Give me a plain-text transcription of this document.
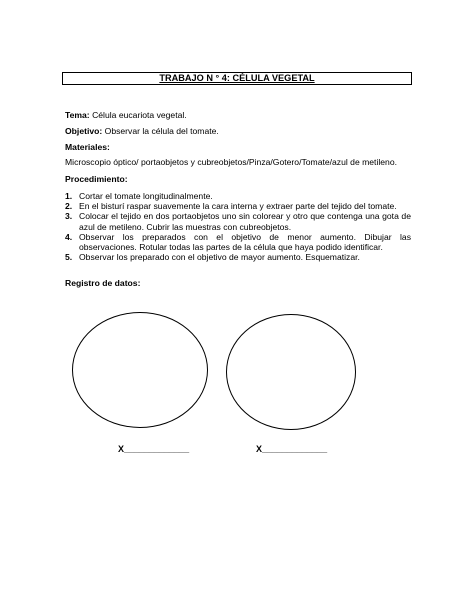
TRABAJO N ° 4: CÉLULA VEGETAL
Tema: Célula eucariota vegetal.
Objetivo: Observar la célula del tomate.
Materiales:
Microscopio óptico/ portaobjetos y cubreobjetos/Pinza/Gotero/Tomate/azul de metileno.
Procedimiento:
1. Cortar el tomate longitudinalmente.
2. En el bisturí raspar suavemente la cara interna y extraer parte del tejido del tomate.
3. Colocar el tejido en dos portaobjetos uno sin colorear y otro que contenga una gota de
azul de metileno. Cubrir las muestras con cubreobjetos.
4. Observar los preparados con el objetivo de menor aumento. Dibujar las
observaciones. Rotular todas las partes de la célula que haya podido identificar.
5. Observar los preparado con el objetivo de mayor aumento. Esquematizar.
Registro de datos:
X_____________	X_____________
